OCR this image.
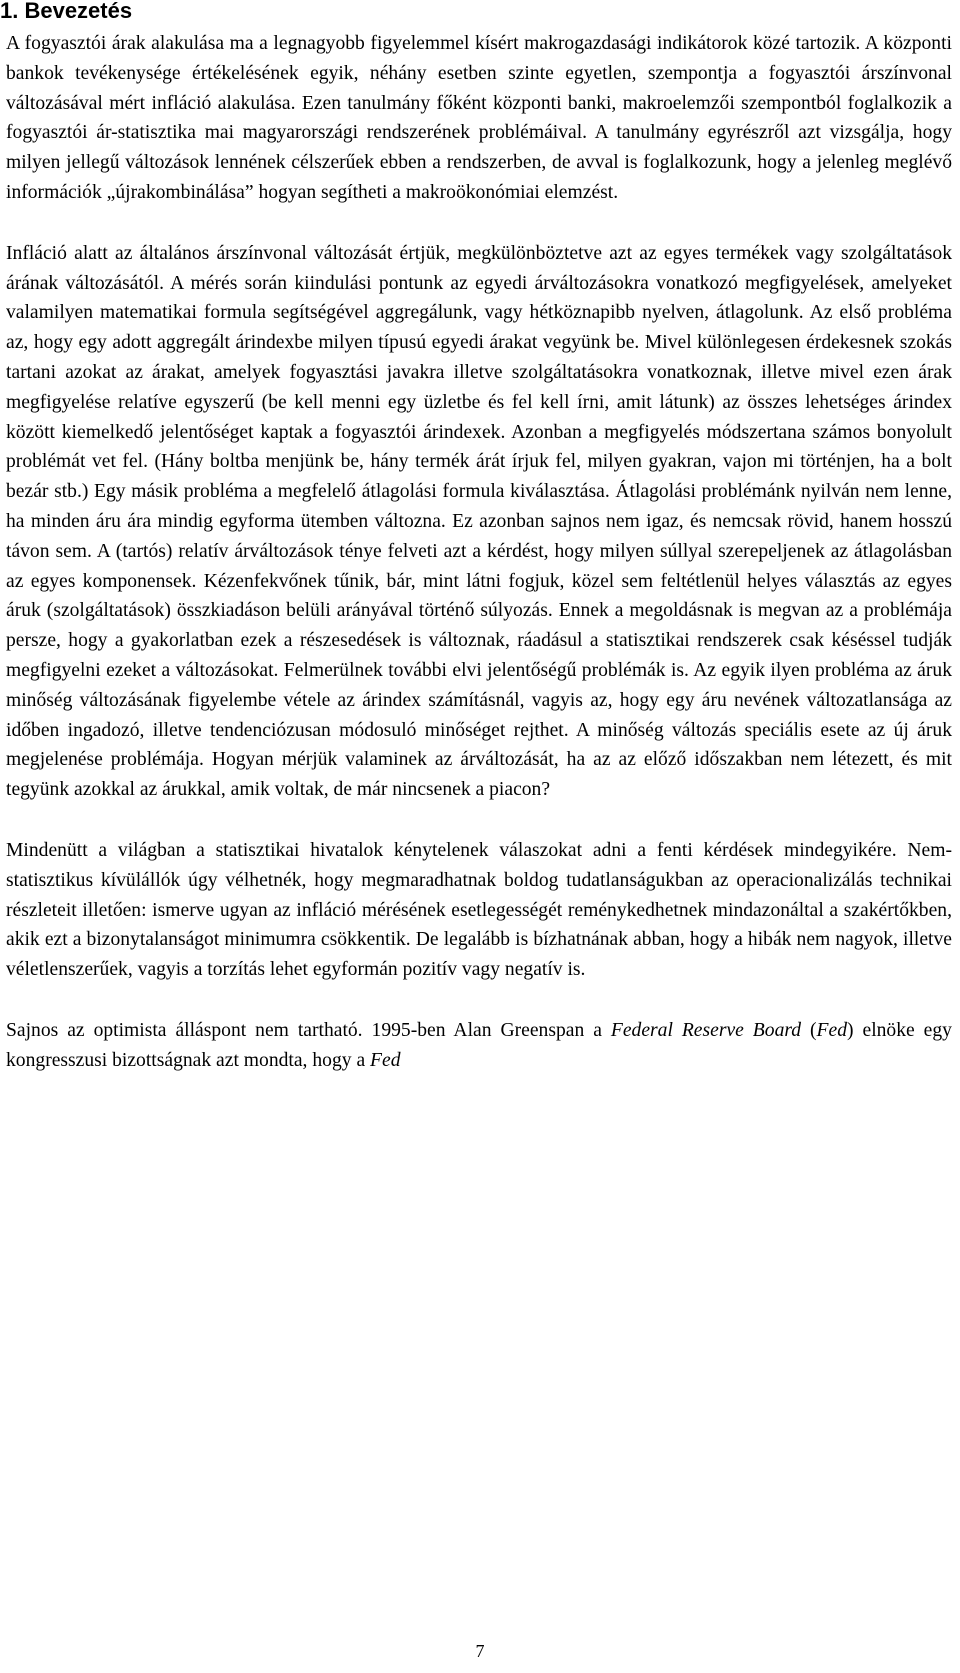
1. Bevezetés

A fogyasztói árak alakulása ma a legnagyobb figyelemmel kísért makrogazdasági indikátorok közé tartozik. A központi bankok tevékenysége értékelésének egyik, néhány esetben szinte egyetlen, szempontja a fogyasztói árszínvonal változásával mért infláció alakulása. Ezen tanulmány főként központi banki, makroelemzői szempontból foglalkozik a fogyasztói ár-statisztika mai magyarországi rendszerének problémáival. A tanulmány egyrészről azt vizsgálja, hogy milyen jellegű változások lennének célszerűek ebben a rendszerben, de avval is foglalkozunk, hogy a jelenleg meglévő információk „újrakombinálása” hogyan segítheti a makroökonómiai elemzést.

Infláció alatt az általános árszínvonal változását értjük, megkülönböztetve azt az egyes termékek vagy szolgáltatások árának változásától. A mérés során kiindulási pontunk az egyedi árváltozásokra vonatkozó megfigyelések, amelyeket valamilyen matematikai formula segítségével aggregálunk, vagy hétköznapibb nyelven, átlagolunk. Az első probléma az, hogy egy adott aggregált árindexbe milyen típusú egyedi árakat vegyünk be. Mivel különlegesen érdekesnek szokás tartani azokat az árakat, amelyek fogyasztási javakra illetve szolgáltatásokra vonatkoznak, illetve mivel ezen árak megfigyelése relatíve egyszerű (be kell menni egy üzletbe és fel kell írni, amit látunk) az összes lehetséges árindex között kiemelkedő jelentőséget kaptak a fogyasztói árindexek. Azonban a megfigyelés módszertana számos bonyolult problémát vet fel. (Hány boltba menjünk be, hány termék árát írjuk fel, milyen gyakran, vajon mi történjen, ha a bolt bezár stb.) Egy másik probléma a megfelelő átlagolási formula kiválasztása. Átlagolási problémánk nyilván nem lenne, ha minden áru ára mindig egyforma ütemben változna. Ez azonban sajnos nem igaz, és nemcsak rövid, hanem hosszú távon sem. A (tartós) relatív árváltozások ténye felveti azt a kérdést, hogy milyen súllyal szerepeljenek az átlagolásban az egyes komponensek. Kézenfekvőnek tűnik, bár, mint látni fogjuk, közel sem feltétlenül helyes választás az egyes áruk (szolgáltatások) összkiadáson belüli arányával történő súlyozás. Ennek a megoldásnak is megvan az a problémája persze, hogy a gyakorlatban ezek a részesedések is változnak, ráadásul a statisztikai rendszerek csak késéssel tudják megfigyelni ezeket a változásokat. Felmerülnek további elvi jelentőségű problémák is. Az egyik ilyen probléma az áruk minőség változásának figyelembe vétele az árindex számításnál, vagyis az, hogy egy áru nevének változatlansága az időben ingadozó, illetve tendenciózusan módosuló minőséget rejthet. A minőség változás speciális esete az új áruk megjelenése problémája. Hogyan mérjük valaminek az árváltozását, ha az az előző időszakban nem létezett, és mit tegyünk azokkal az árukkal, amik voltak, de már nincsenek a piacon?

Mindenütt a világban a statisztikai hivatalok kénytelenek válaszokat adni a fenti kérdések mindegyikére. Nem-statisztikus kívülállók úgy vélhetnék, hogy megmaradhatnak boldog tudatlanságukban az operacionalizálás technikai részleteit illetően: ismerve ugyan az infláció mérésének esetlegességét reménykedhetnek mindazonáltal a szakértőkben, akik ezt a bizonytalanságot minimumra csökkentik. De legalább is bízhatnának abban, hogy a hibák nem nagyok, illetve véletlenszerűek, vagyis a torzítás lehet egyformán pozitív vagy negatív is.

Sajnos az optimista álláspont nem tartható. 1995-ben Alan Greenspan a Federal Reserve Board (Fed) elnöke egy kongresszusi bizottságnak azt mondta, hogy a Fed

7
